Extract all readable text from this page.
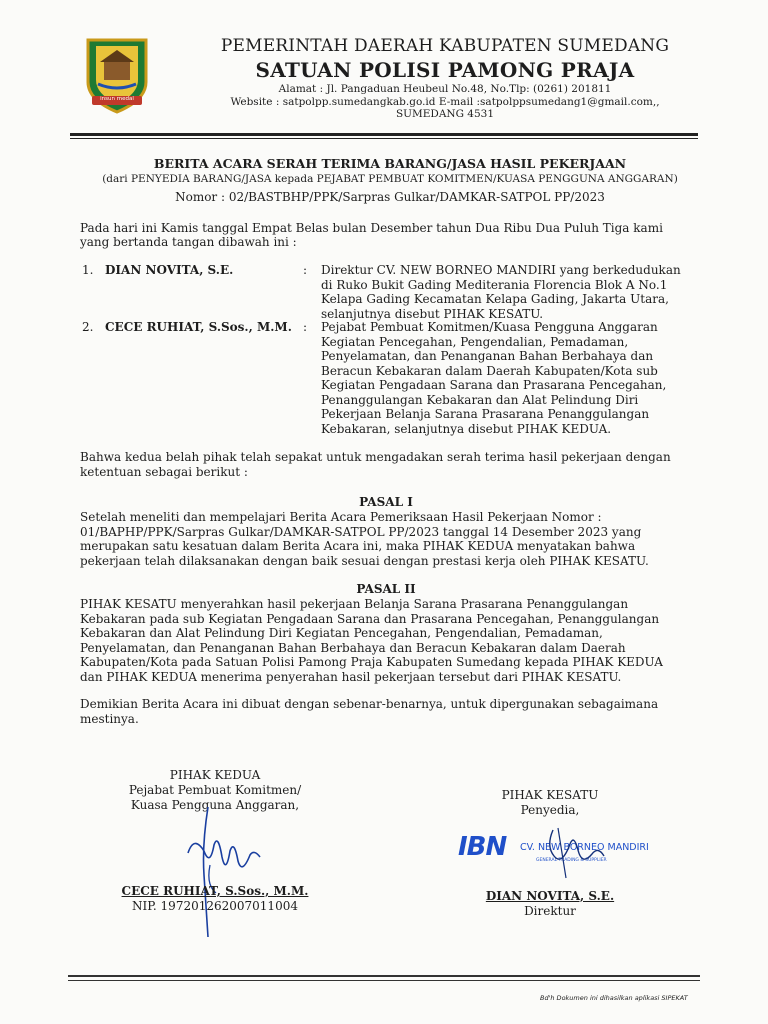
insun medal
PEMERINTAH DAERAH KABUPATEN SUMEDANG
SATUAN POLISI PAMONG PRAJA
Alamat : Jl. Pangaduan Heubeul No.48, No.Tlp: (0261) 201811
Website : satpolpp.sumedangkab.go.id E-mail :satpolppsumedang1@gmail.com,,
SUMEDANG 4531
BERITA ACARA SERAH TERIMA BARANG/JASA HASIL PEKERJAAN
(dari PENYEDIA BARANG/JASA kepada PEJABAT PEMBUAT KOMITMEN/KUASA PENGGUNA ANGGARAN)
Nomor : 02/BASTBHP/PPK/Sarpras Gulkar/DAMKAR-SATPOL PP/2023
Pada hari ini Kamis tanggal Empat Belas bulan Desember tahun Dua Ribu Dua Puluh Tiga kami
yang bertanda tangan dibawah ini :
1. DIAN NOVITA, S.E.	: Direktur CV. NEW BORNEO MANDIRI yang berkedudukan
di Ruko Bukit Gading Mediterania Florencia Blok A No.1
Kelapa Gading Kecamatan Kelapa Gading, Jakarta Utara,
selanjutnya disebut PIHAK KESATU.
2. CECE RUHIAT, S.Sos., M.M. : Pejabat Pembuat Komitmen/Kuasa Pengguna Anggaran
Kegiatan Pencegahan, Pengendalian, Pemadaman,
Penyelamatan, dan Penanganan Bahan Berbahaya dan
Beracun Kebakaran dalam Daerah Kabupaten/Kota sub
Kegiatan Pengadaan Sarana dan Prasarana Pencegahan,
Penanggulangan Kebakaran dan Alat Pelindung Diri
Pekerjaan Belanja Sarana Prasarana Penanggulangan
Kebakaran, selanjutnya disebut PIHAK KEDUA.
Bahwa kedua belah pihak telah sepakat untuk mengadakan serah terima hasil pekerjaan dengan
ketentuan sebagai berikut :
PASAL I
Setelah meneliti dan mempelajari Berita Acara Pemeriksaan Hasil Pekerjaan Nomor :
01/BAPHP/PPK/Sarpras Gulkar/DAMKAR-SATPOL PP/2023 tanggal 14 Desember 2023 yang
merupakan satu kesatuan dalam Berita Acara ini, maka PIHAK KEDUA menyatakan bahwa
pekerjaan telah dilaksanakan dengan baik sesuai dengan prestasi kerja oleh PIHAK KESATU.
PASAL II
PIHAK KESATU menyerahkan hasil pekerjaan Belanja Sarana Prasarana Penanggulangan
Kebakaran pada sub Kegiatan Pengadaan Sarana dan Prasarana Pencegahan, Penanggulangan
Kebakaran dan Alat Pelindung Diri Kegiatan Pencegahan, Pengendalian, Pemadaman,
Penyelamatan, dan Penanganan Bahan Berbahaya dan Beracun Kebakaran dalam Daerah
Kabupaten/Kota pada Satuan Polisi Pamong Praja Kabupaten Sumedang kepada PIHAK KEDUA
dan PIHAK KEDUA menerima penyerahan hasil pekerjaan tersebut dari PIHAK KESATU.
Demikian Berita Acara ini dibuat dengan sebenar-benarnya, untuk dipergunakan sebagaimana
mestinya.
PIHAK KEDUA
Pejabat Pembuat Komitmen/
Kuasa Pengguna Anggaran,
CECE RUHIAT, S.Sos., M.M.
NIP. 197201262007011004
PIHAK KESATU
Penyedia,
IBN CV. NEW BORNEO MANDIRI
GENERAL TRADING & SUPPLIER
DIAN NOVITA, S.E.
Direktur
Bd'h Dokumen ini dihasilkan aplikasi SIPEKAT
